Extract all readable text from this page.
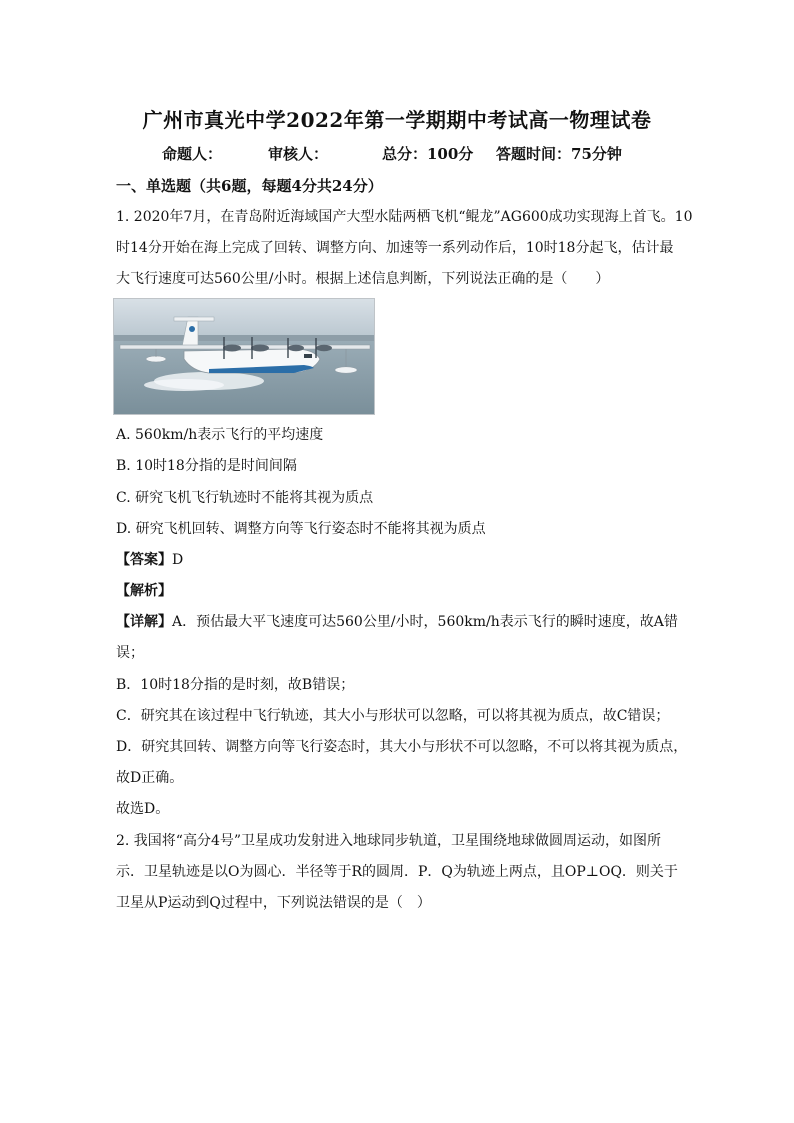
广州市真光中学2022年第一学期期中考试高一物理试卷
命题人：	审核人：	总分：100分 答题时间：75分钟
一、单选题（共6题，每题4分共24分）
1. 2020年7月，在青岛附近海域国产大型水陆两栖飞机“鲲龙”AG600成功实现海上首飞。10
时14分开始在海上完成了回转、调整方向、加速等一系列动作后，10时18分起飞，估计最
大飞行速度可达560公里/小时。根据上述信息判断，下列说法正确的是（　　）
A. 560km/h表示飞行的平均速度
B. 10时18分指的是时间间隔
C. 研究飞机飞行轨迹时不能将其视为质点
D. 研究飞机回转、调整方向等飞行姿态时不能将其视为质点
【答案】D
【解析】
【详解】A．预估最大平飞速度可达560公里/小时，560km/h表示飞行的瞬时速度，故A错
误；
B．10时18分指的是时刻，故B错误；
C．研究其在该过程中飞行轨迹，其大小与形状可以忽略，可以将其视为质点，故C错误；
D．研究其回转、调整方向等飞行姿态时，其大小与形状不可以忽略，不可以将其视为质点，
故D正确。
故选D。
2. 我国将“高分4号”卫星成功发射进入地球同步轨道，卫星围绕地球做圆周运动，如图所
示．卫星轨迹是以O为圆心．半径等于R的圆周．P．Q为轨迹上两点，且OP⊥OQ．则关于
卫星从P运动到Q过程中，下列说法错误的是（　）
